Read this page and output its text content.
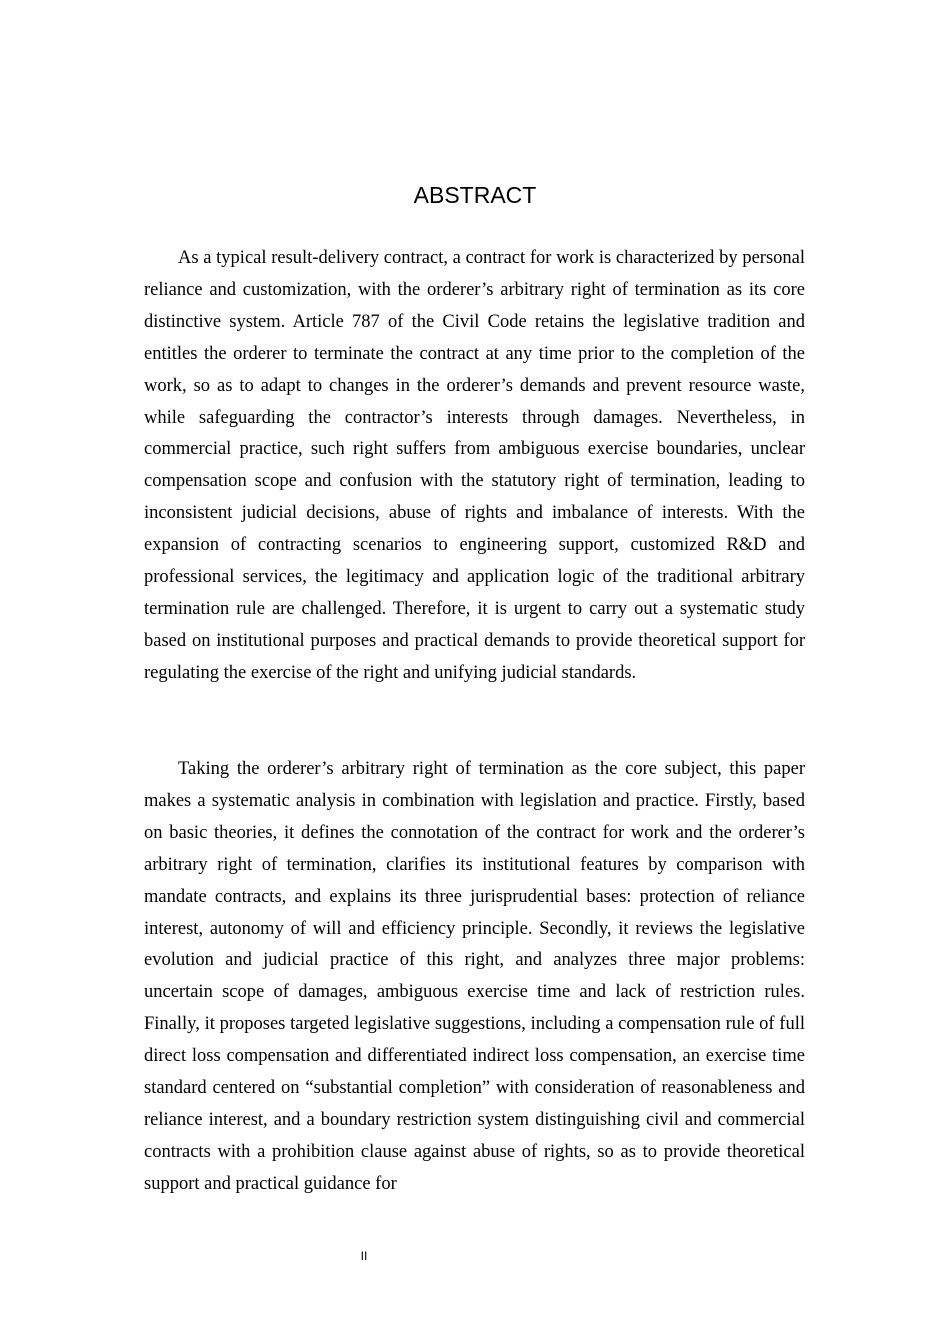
ABSTRACT

As a typical result-delivery contract, a contract for work is characterized by personal reliance and customization, with the orderer’s arbitrary right of termination as its core distinctive system. Article 787 of the Civil Code retains the legislative tradition and entitles the orderer to terminate the contract at any time prior to the completion of the work, so as to adapt to changes in the orderer’s demands and prevent resource waste, while safeguarding the contractor’s interests through damages. Nevertheless, in commercial practice, such right suffers from ambiguous exercise boundaries, unclear compensation scope and confusion with the statutory right of termination, leading to inconsistent judicial decisions, abuse of rights and imbalance of interests. With the expansion of contracting scenarios to engineering support, customized R&D and professional services, the legitimacy and application logic of the traditional arbitrary termination rule are challenged. Therefore, it is urgent to carry out a systematic study based on institutional purposes and practical demands to provide theoretical support for regulating the exercise of the right and unifying judicial standards.

Taking the orderer’s arbitrary right of termination as the core subject, this paper makes a systematic analysis in combination with legislation and practice. Firstly, based on basic theories, it defines the connotation of the contract for work and the orderer’s arbitrary right of termination, clarifies its institutional features by comparison with mandate contracts, and explains its three jurisprudential bases: protection of reliance interest, autonomy of will and efficiency principle. Secondly, it reviews the legislative evolution and judicial practice of this right, and analyzes three major problems: uncertain scope of damages, ambiguous exercise time and lack of restriction rules. Finally, it proposes targeted legislative suggestions, including a compensation rule of full direct loss compensation and differentiated indirect loss compensation, an exercise time standard centered on “substantial completion” with consideration of reasonableness and reliance interest, and a boundary restriction system distinguishing civil and commercial contracts with a prohibition clause against abuse of rights, so as to provide theoretical support and practical guidance for

II
